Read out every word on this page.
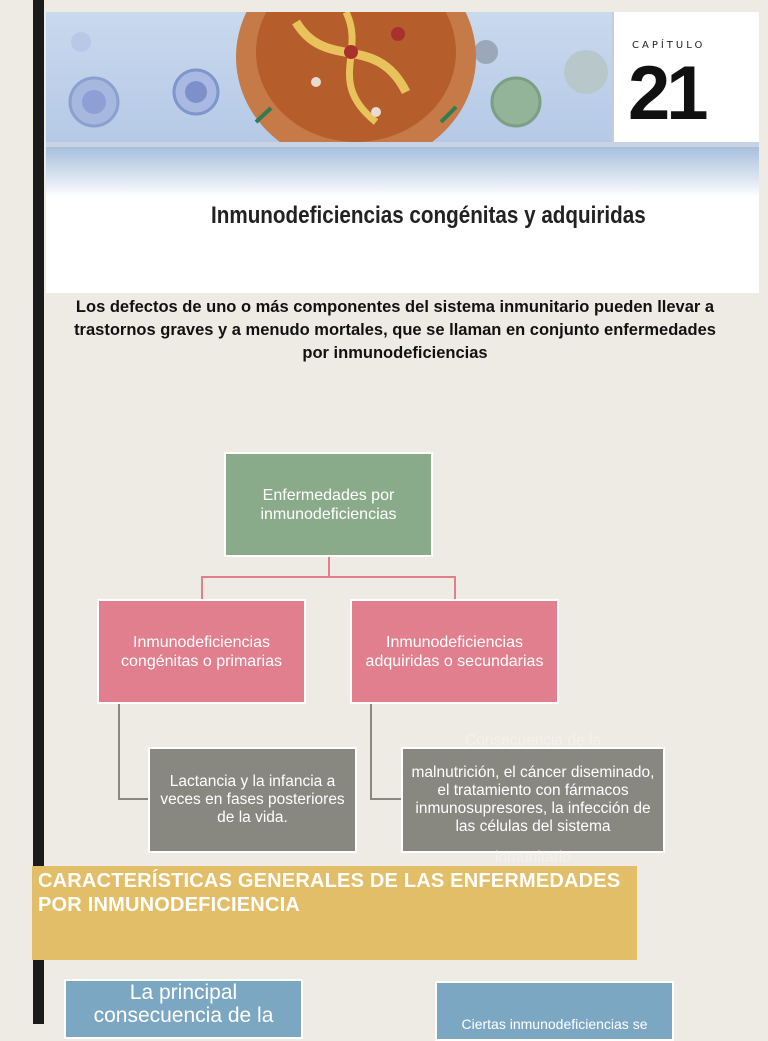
CAPÍTULO
21
Inmunodeficiencias congénitas y adquiridas
Los defectos de uno o más componentes del sistema inmunitario pueden llevar a trastornos graves y a menudo mortales, que se llaman en conjunto enfermedades por inmunodeficiencias
Enfermedades por inmunodeficiencias
Inmunodeficiencias congénitas o primarias
Inmunodeficiencias adquiridas o secundarias
Lactancia y la infancia a veces en fases posteriores de la vida.
Consecuencia de la
malnutrición, el cáncer diseminado, el tratamiento con fármacos inmunosupresores, la infección de las células del sistema
inmunitario
CARACTERÍSTICAS GENERALES DE LAS ENFERMEDADES POR INMUNODEFICIENCIA
La principal consecuencia de la	Ciertas inmunodeficiencias se
